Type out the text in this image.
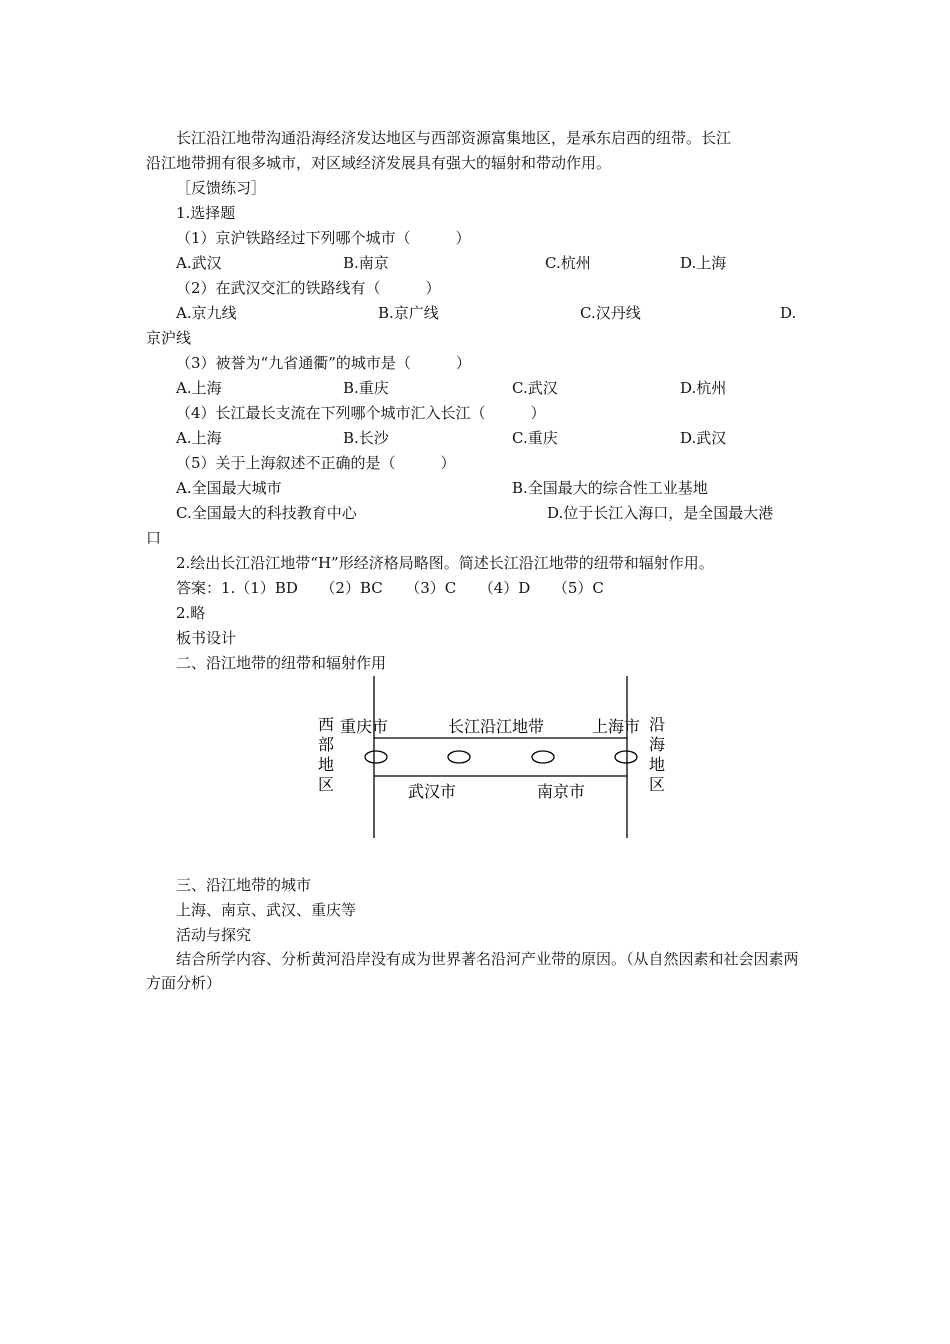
长江沿江地带沟通沿海经济发达地区与西部资源富集地区，是承东启西的纽带。长江
沿江地带拥有很多城市，对区域经济发展具有强大的辐射和带动作用。
［反馈练习］
1.选择题
（1）京沪铁路经过下列哪个城市（　　　）
A.武汉	B.南京	C.杭州	D.上海
（2）在武汉交汇的铁路线有（　　　）
A.京九线	B.京广线	C.汉丹线	D.
京沪线
（3）被誉为“九省通衢”的城市是（　　　）
A.上海	B.重庆	C.武汉	D.杭州
（4）长江最长支流在下列哪个城市汇入长江（　　　）
A.上海	B.长沙	C.重庆	D.武汉
（5）关于上海叙述不正确的是（　　　）
A.全国最大城市	B.全国最大的综合性工业基地
C.全国最大的科技教育中心	D.位于长江入海口，是全国最大港
口
2.绘出长江沿江地带“H”形经济格局略图。简述长江沿江地带的纽带和辐射作用。
答案：1.（1）BD　　（2）BC　　（3）C　　（4）D　　（5）C
2.略
板书设计
二、沿江地带的纽带和辐射作用
西
部
地
区
沿
海
地
区
重庆市	长江沿江地带	上海市
武汉市	南京市
三、沿江地带的城市
上海、南京、武汉、重庆等
活动与探究
结合所学内容、分析黄河沿岸没有成为世界著名沿河产业带的原因。（从自然因素和社会因素两方面分析）
